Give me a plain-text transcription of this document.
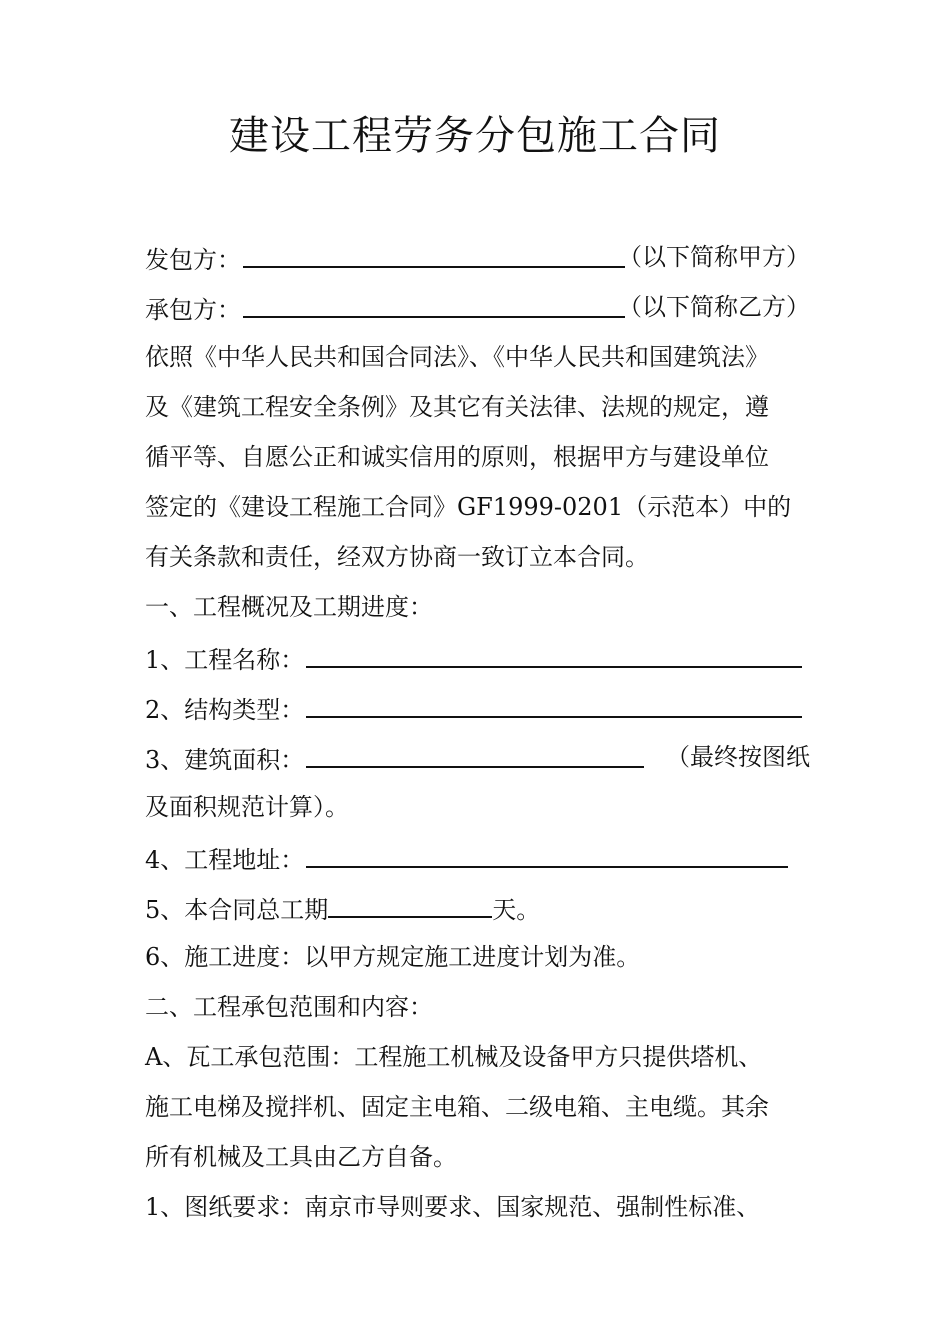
建设工程劳务分包施工合同
发包方：	（以下简称甲方）
承包方：	（以下简称乙方）
依照《中华人民共和国合同法》、《中华人民共和国建筑法》
及《建筑工程安全条例》及其它有关法律、法规的规定，遵
循平等、自愿公正和诚实信用的原则，根据甲方与建设单位
签定的《建设工程施工合同》GF1999-0201（示范本）中的
有关条款和责任，经双方协商一致订立本合同。
一、工程概况及工期进度：
1、工程名称：
2、结构类型：
3、建筑面积：	（最终按图纸
及面积规范计算）。
4、工程地址：
5、本合同总工期	天。
6、施工进度：以甲方规定施工进度计划为准。
二、工程承包范围和内容：
A、瓦工承包范围：工程施工机械及设备甲方只提供塔机、
施工电梯及搅拌机、固定主电箱、二级电箱、主电缆。其余
所有机械及工具由乙方自备。
1、图纸要求：南京市导则要求、国家规范、强制性标准、
